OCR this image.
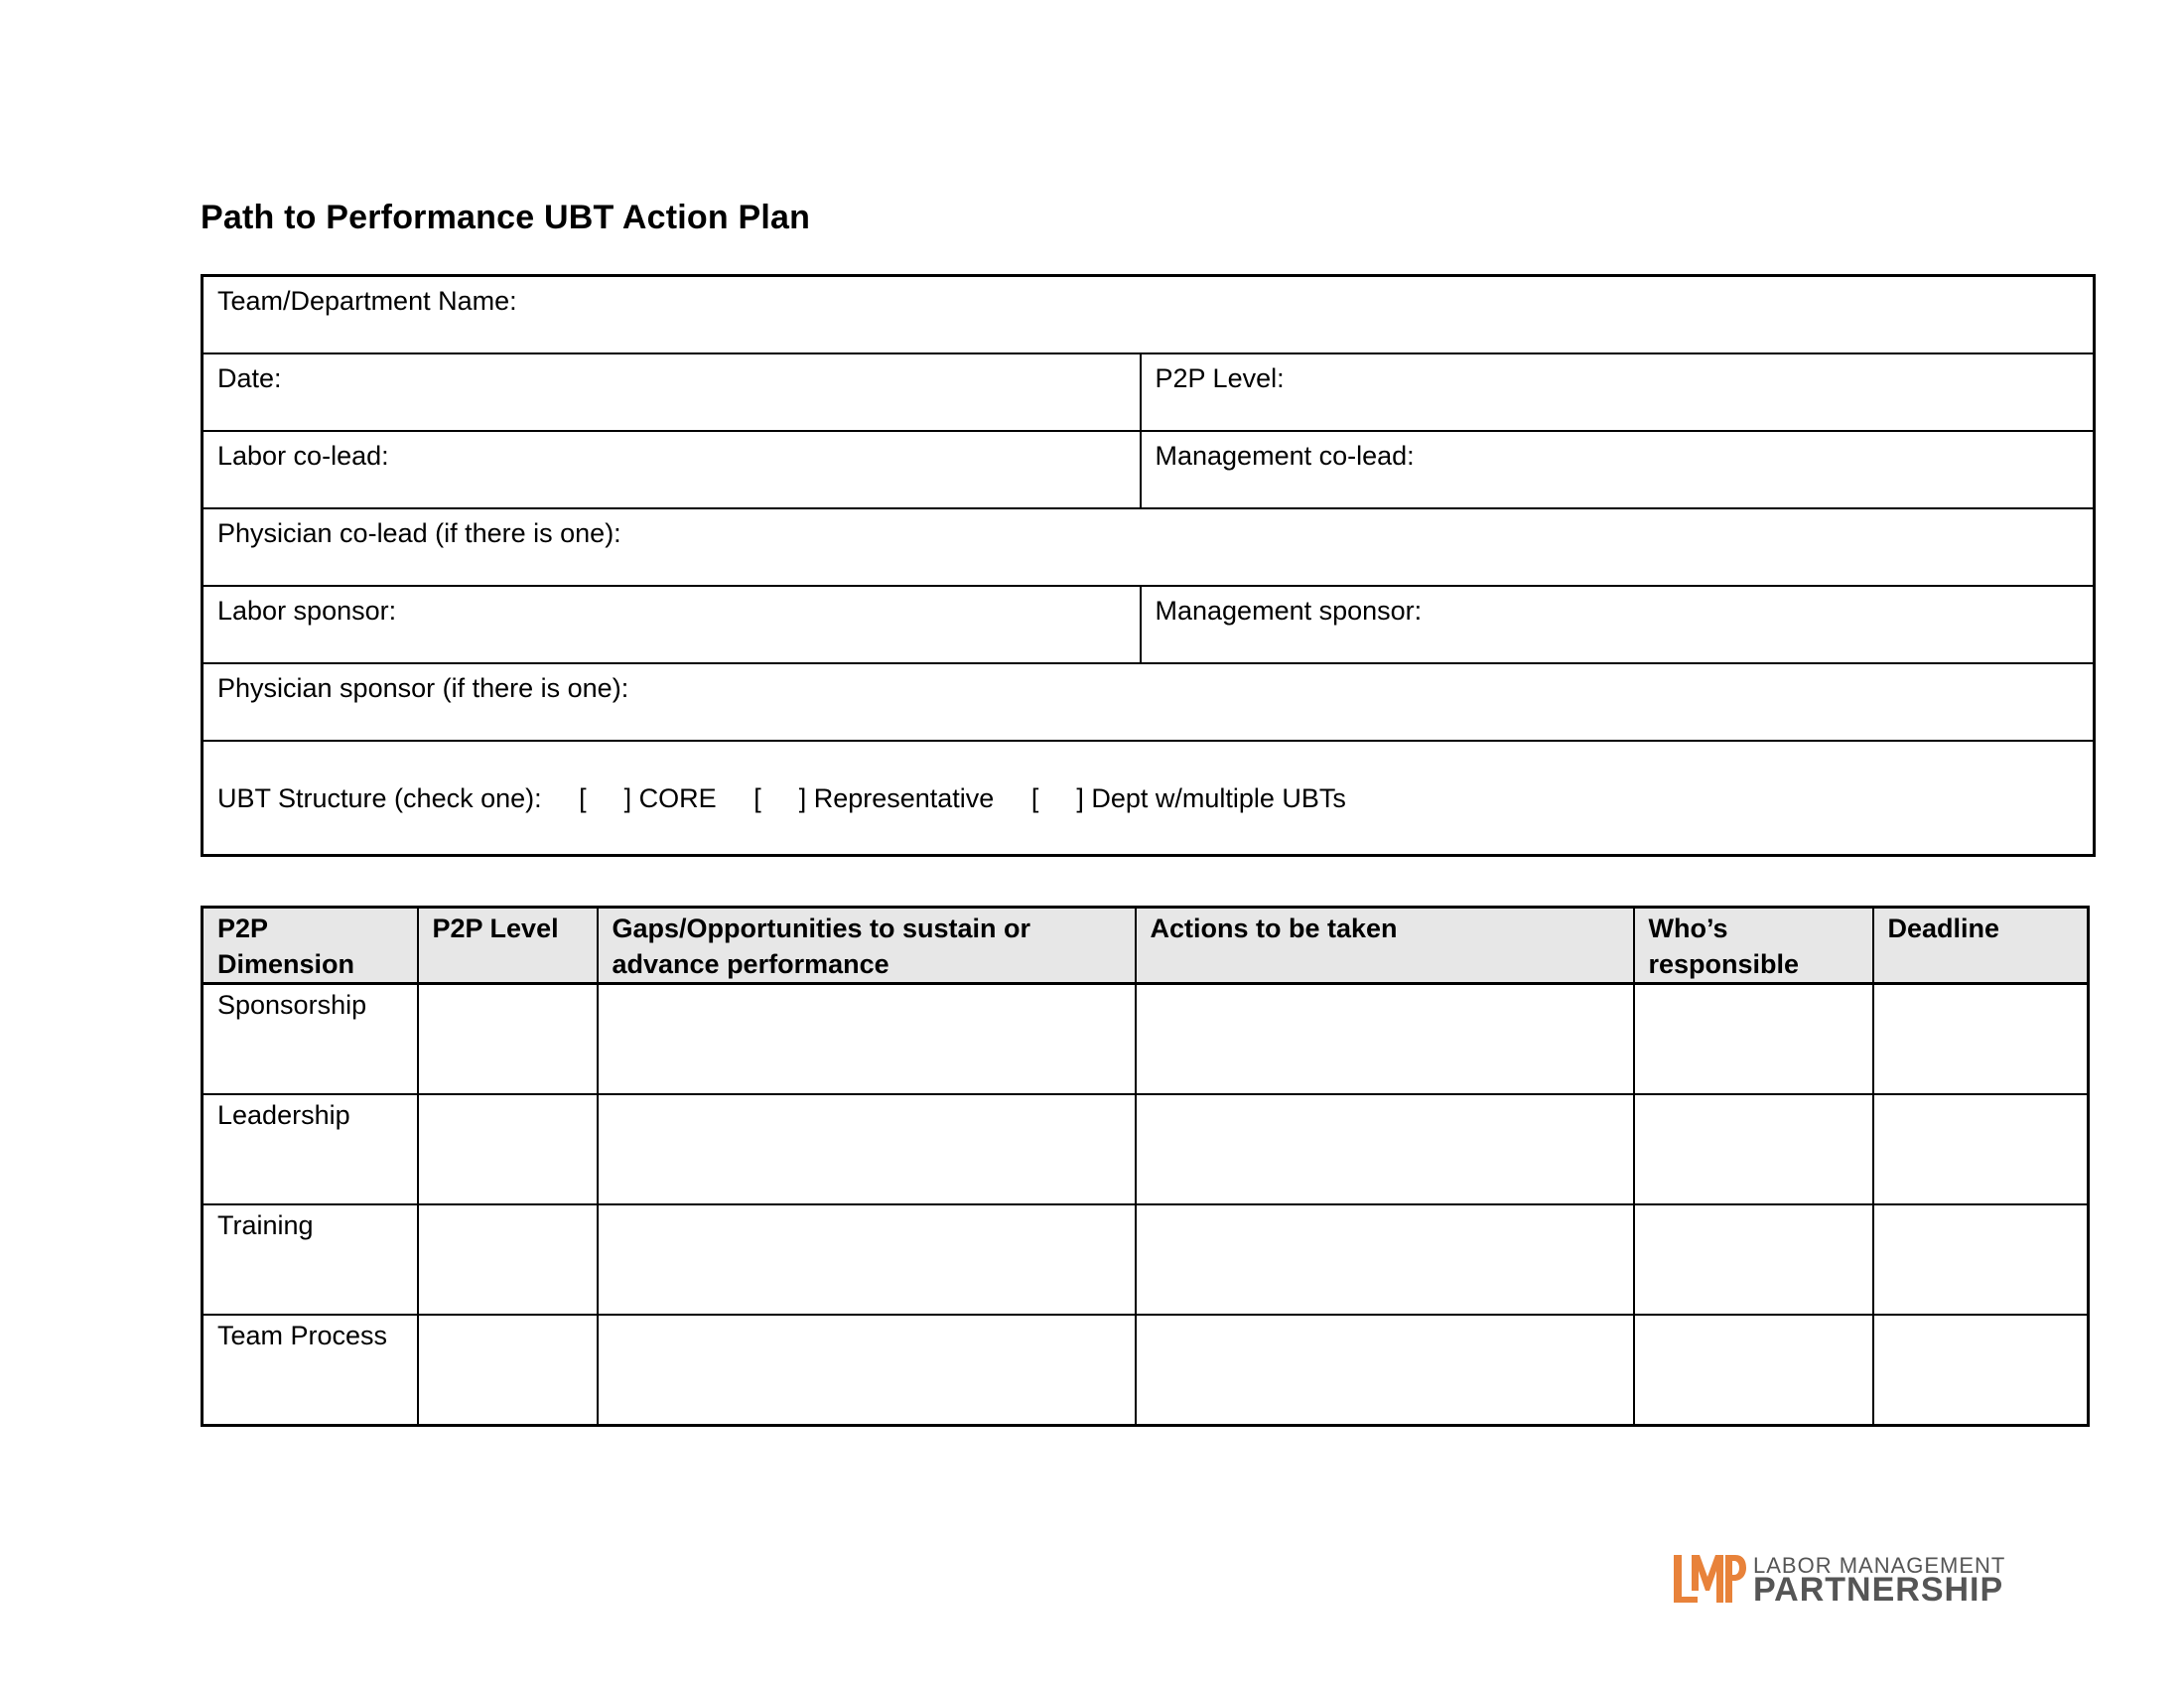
Path to Performance UBT Action Plan
Team/Department Name:	
Date:	P2P Level:
Labor co-lead:	Management co-lead:
Physician co-lead (if there is one):	
Labor sponsor:	Management sponsor:
Physician sponsor (if there is one):	
UBT Structure (check one): [ ] CORE [ ] Representative [ ] Dept w/multiple UBTs	
P2P Dimension	P2P Level	Gaps/Opportunities to sustain or advance performance	Actions to be taken	Who’s responsible	Deadline
Sponsorship					
Leadership					
Training					
Team Process					
LABOR MANAGEMENT
PARTNERSHIP
